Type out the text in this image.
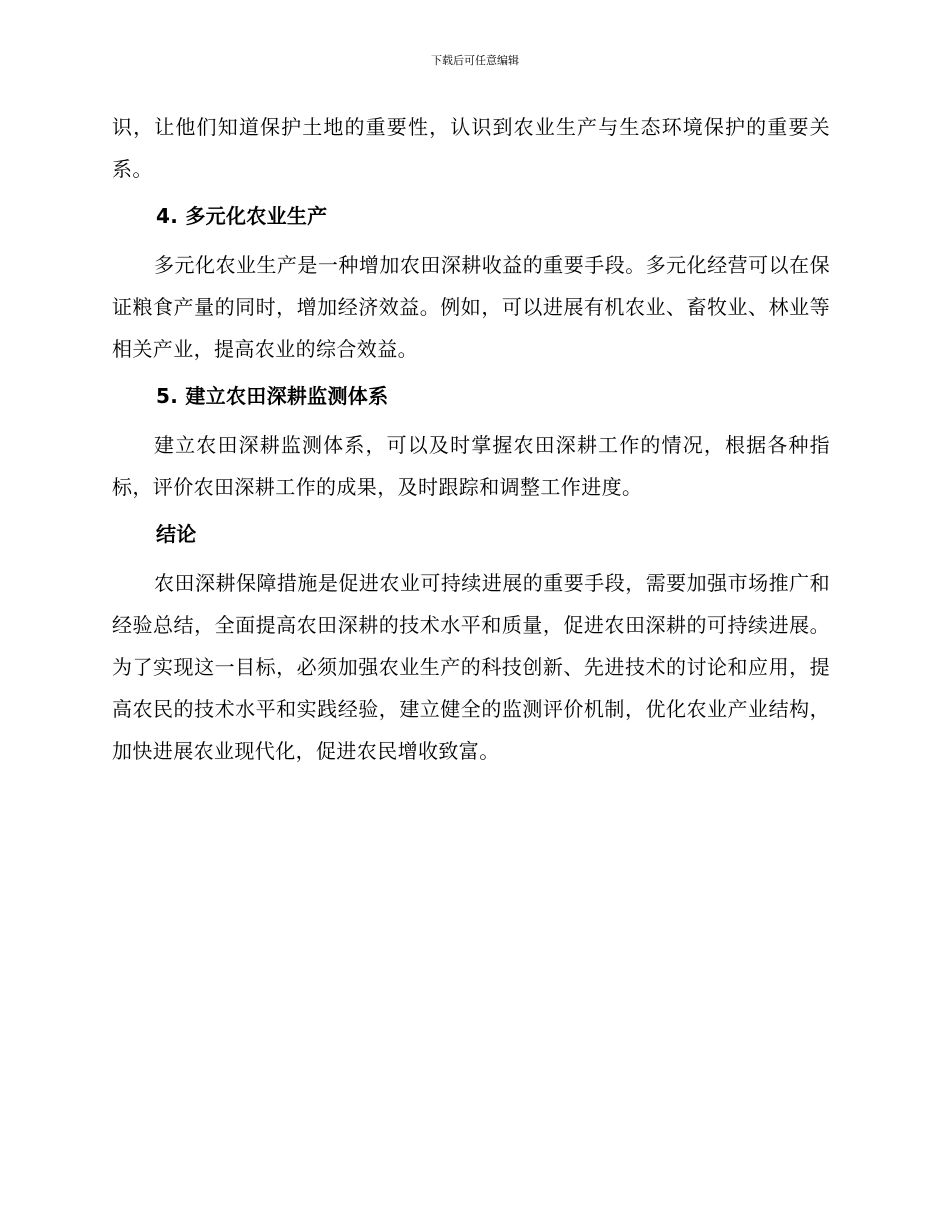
下载后可任意编辑

识，让他们知道保护土地的重要性，认识到农业生产与生态环境保护的重要关系。

4. 多元化农业生产

多元化农业生产是一种增加农田深耕收益的重要手段。多元化经营可以在保证粮食产量的同时，增加经济效益。例如，可以进展有机农业、畜牧业、林业等相关产业，提高农业的综合效益。

5. 建立农田深耕监测体系

建立农田深耕监测体系，可以及时掌握农田深耕工作的情况，根据各种指标，评价农田深耕工作的成果，及时跟踪和调整工作进度。

结论

农田深耕保障措施是促进农业可持续进展的重要手段，需要加强市场推广和经验总结，全面提高农田深耕的技术水平和质量，促进农田深耕的可持续进展。为了实现这一目标，必须加强农业生产的科技创新、先进技术的讨论和应用，提高农民的技术水平和实践经验，建立健全的监测评价机制，优化农业产业结构，加快进展农业现代化，促进农民增收致富。
